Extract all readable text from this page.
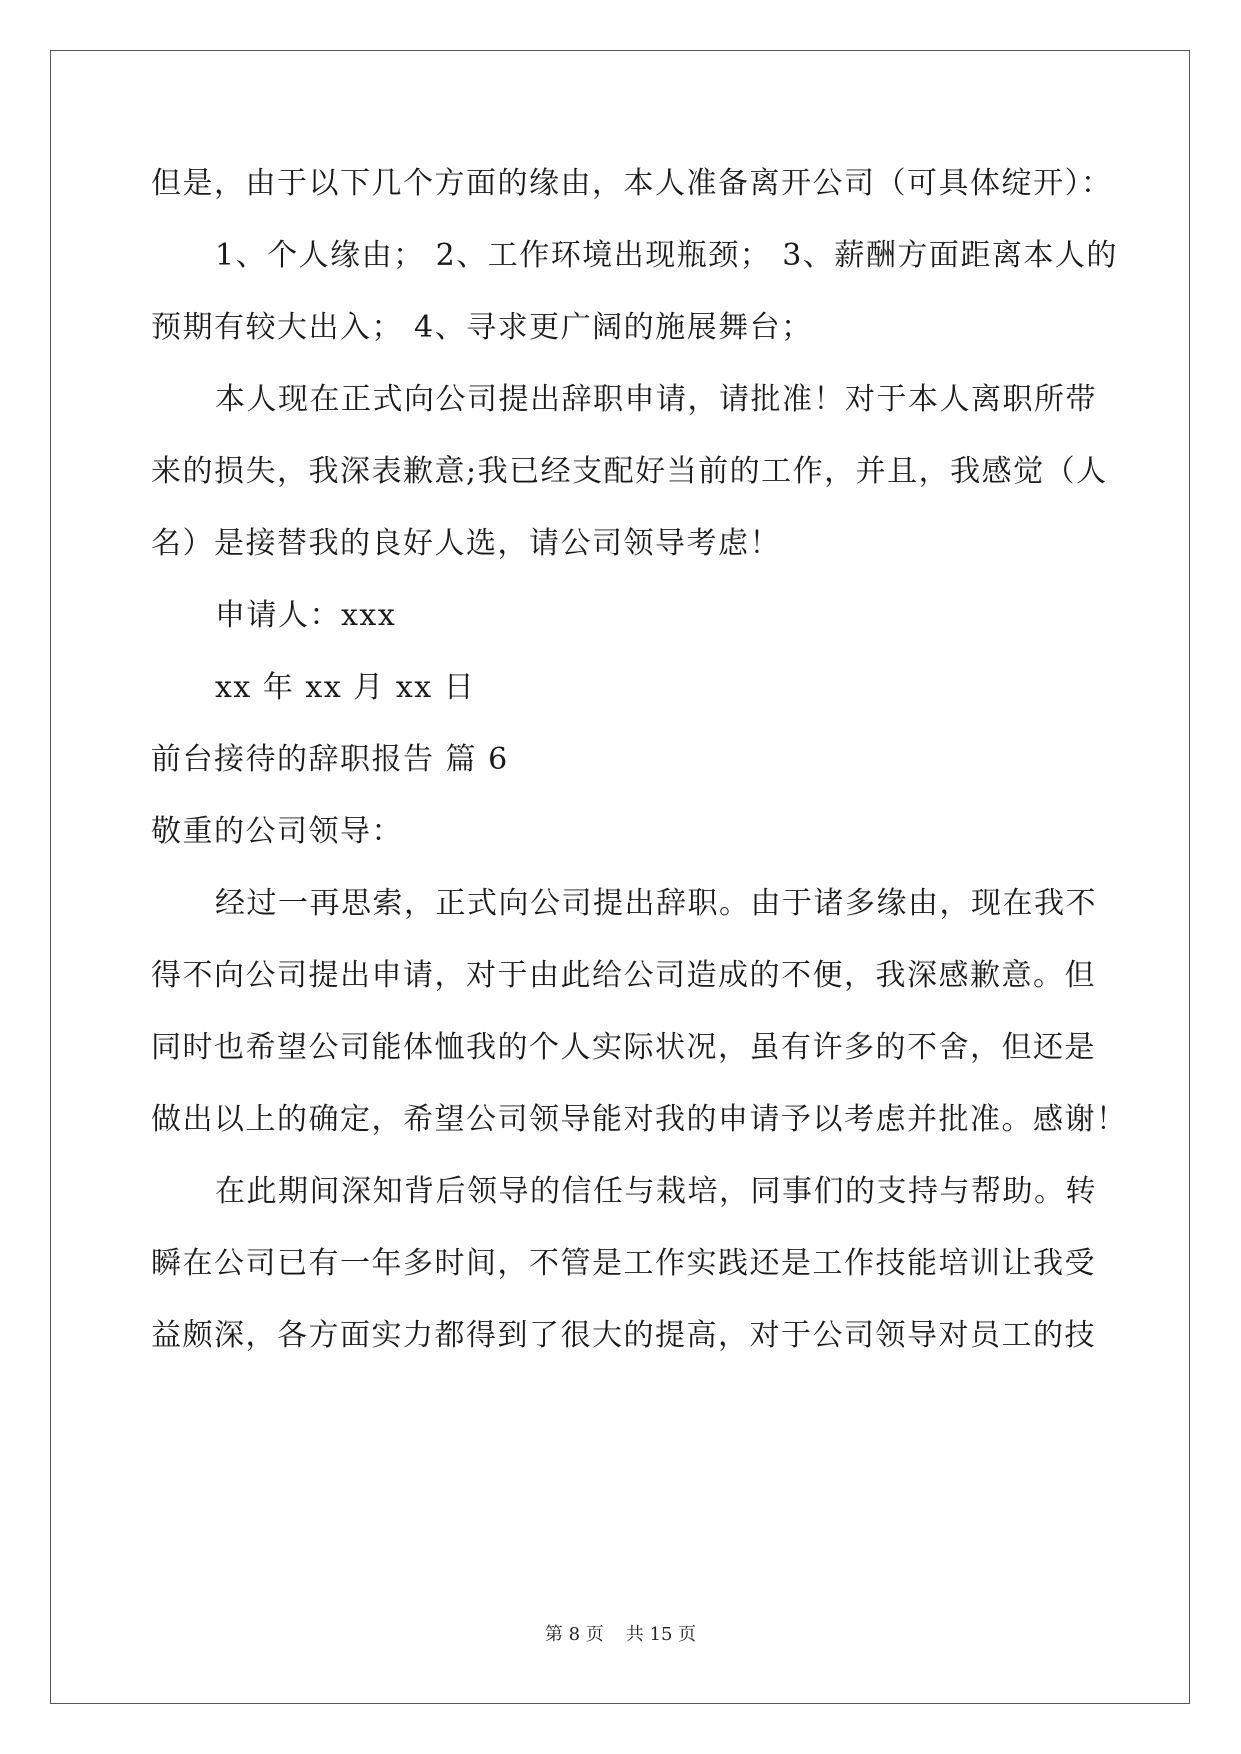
但是，由于以下几个方面的缘由，本人准备离开公司（可具体绽开）：
1、个人缘由； 2、工作环境出现瓶颈； 3、薪酬方面距离本人的
预期有较大出入； 4、寻求更广阔的施展舞台；
本人现在正式向公司提出辞职申请，请批准！对于本人离职所带
来的损失，我深表歉意;我已经支配好当前的工作，并且，我感觉（人
名）是接替我的良好人选，请公司领导考虑！
申请人：xxx
xx 年 xx 月 xx 日
前台接待的辞职报告 篇 6
敬重的公司领导：
经过一再思索，正式向公司提出辞职。由于诸多缘由，现在我不
得不向公司提出申请，对于由此给公司造成的不便，我深感歉意。但
同时也希望公司能体恤我的个人实际状况，虽有许多的不舍，但还是
做出以上的确定，希望公司领导能对我的申请予以考虑并批准。感谢！
在此期间深知背后领导的信任与栽培，同事们的支持与帮助。转
瞬在公司已有一年多时间，不管是工作实践还是工作技能培训让我受
益颇深，各方面实力都得到了很大的提高，对于公司领导对员工的技
第 8 页 共 15 页
